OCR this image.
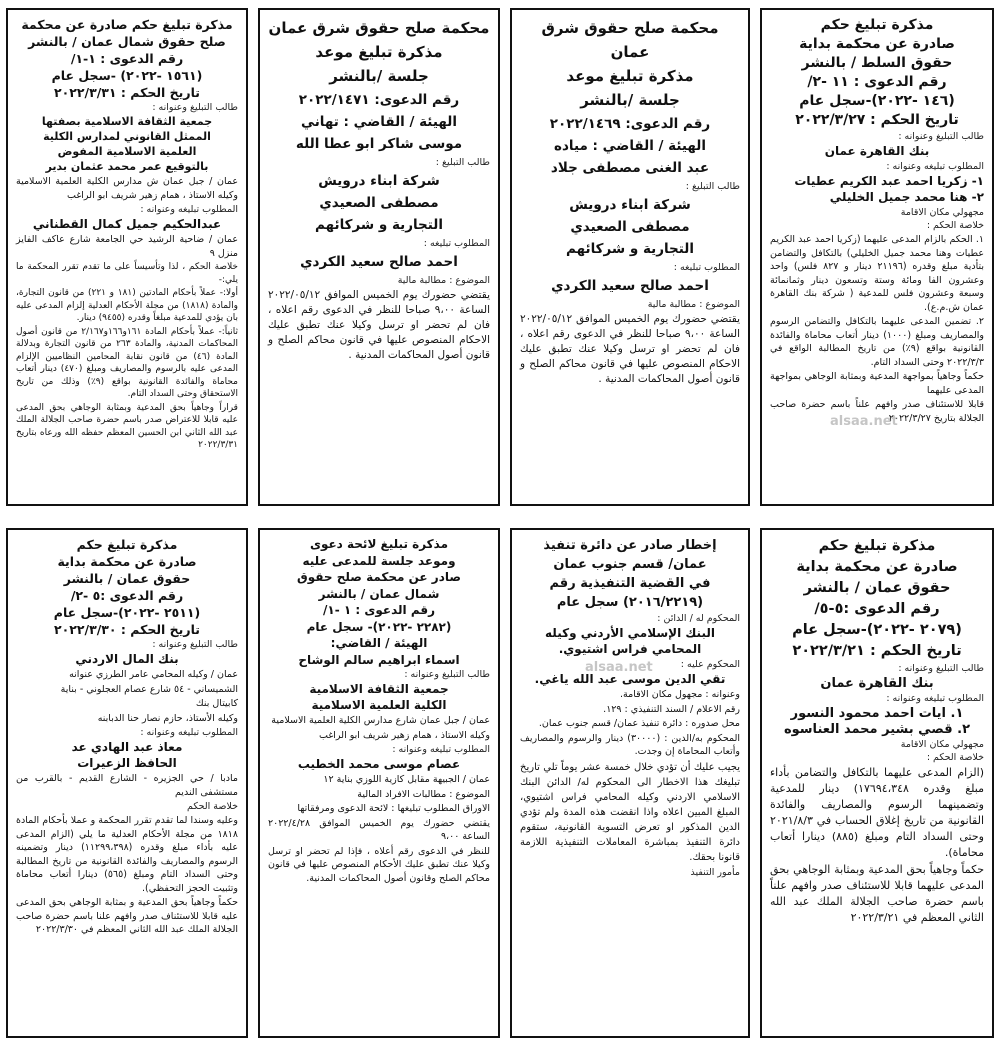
مذكرة تبليغ حكم
صادرة عن محكمة بداية
حقوق السلط / بالنشر
رقم الدعوى : ١١ -٢/
(١٤٦ -٢٠٢٢)-سجل عام
تاريخ الحكم : ٢٠٢٢/٣/٢٧
طالب التبليغ وعنوانه :
بنك القاهرة عمان
المطلوب تبليغه وعنوانه :
١- زكريا احمد عبد الكريم عطيات
٢- هنا محمد جميل الخليلي
مجهولي مكان الاقامة
خلاصة الحكم :
١. الحكم بالزام المدعى عليهما (زكريا احمد عبد الكريم عطيات وهنا محمد جميل الخليلي) بالتكافل والتضامن بتأدية مبلغ وقدره (٢١١٩٦ دينار و ٨٢٧ فلس) واحد وعشرون الفا ومائة وستة وتسعون دينار وثمانمائة وسبعة وعشرون فلس للمدعية ( شركة بنك القاهرة عمان ش.م.ع).
٢. تضمين المدعى عليهما بالتكافل والتضامن الرسوم والمصاريف ومبلغ (١٠٠٠) دينار أتعاب محاماة والفائدة القانونية بواقع (٩٪) من تاريخ المطالبة الواقع في ٢٠٢٢/٣/٣ وحتى السداد التام.
حكماً وجاهياً بمواجهة المدعية وبمثابة الوجاهي بمواجهة المدعى عليهما
قابلا للاستئناف صدر وافهم علناً باسم حضرة صاحب الجلالة بتاريخ ٢٠٢٢/٣/٢٧
محكمة صلح حقوق شرق عمان
مذكرة تبليغ موعد
جلسة /بالنشر
رقم الدعوى: ٢٠٢٢/١٤٦٩
الهيئة / القاضي : مياده
عبد الغنى مصطفى جلاد
طالب التبليغ :
شركة ابناء درويش
مصطفى الصعيدي
التجارية و شركائهم
المطلوب تبليغه :
احمد صالح سعيد الكردي
الموضوع : مطالبة مالية
يقتضي حضورك يوم الخميس الموافق ٢٠٢٢/٠٥/١٢ الساعة ٩،٠٠ صباحا للنظر في الدعوى رقم اعلاه ، فان لم تحضر او ترسل وكيلا عنك تطبق عليك الاحكام المنصوص عليها في قانون محاكم الصلح و قانون أصول المحاكمات المدنية .
محكمة صلح حقوق شرق عمان
مذكرة تبليغ موعد
جلسة /بالنشر
رقم الدعوى: ٢٠٢٢/١٤٧١
الهيئة / القاضي : تهاني
موسى شاكر ابو عطا الله
طالب التبليغ :
شركة ابناء درويش
مصطفى الصعيدي
التجارية و شركائهم
المطلوب تبليغه :
احمد صالح سعيد الكردي
الموضوع : مطالبة مالية
يقتضي حضورك يوم الخميس الموافق ٢٠٢٢/٠٥/١٢ الساعة ٩،٠٠ صباحا للنظر في الدعوى رقم اعلاه ، فان لم تحضر او ترسل وكيلا عنك تطبق عليك الاحكام المنصوص عليها في قانون محاكم الصلح و قانون أصول المحاكمات المدنية .
مذكرة تبليغ حكم صادرة عن محكمة
صلح حقوق شمال عمان / بالنشر
رقم الدعوى : ١-١/
(١٥٦١ -٢٠٢٢) -سجل عام
تاريخ الحكم : ٢٠٢٢/٣/٣١
طالب التبليغ وعنوانه :
جمعية الثقافة الاسلامية بصفتها
الممثل القانوني لمدارس الكلية
العلمية الاسلامية المفوض
بالتوقيع عمر محمد عثمان بدير
عمان / جبل عمان ش مدارس الكلية العلمية الاسلامية وكيله الاستاذ ، همام زهير شريف ابو الراغب
المطلوب تبليغه وعنوانه :
عبدالحكيم جميل كمال القطناني
عمان / ضاحية الرشيد حي الجامعة شارع عاكف الفايز منزل ٩
خلاصة الحكم ، لذا وتأسيساً على ما تقدم تقرر المحكمة ما يلي:-
أولا:- عملاً بأحكام المادتين (١٨١ و ٢٢١) من قانون التجارة، والمادة (١٨١٨) من مجلة الأحكام العدلية إلزام المدعى عليه بان يؤدي للمدعية مبلغاً وقدره (٩٤٥٥) دينار.
ثانياً:- عملاً بأحكام المادة ١٦١و١٦٦و٢/١٦٧ من قانون أصول المحاكمات المدنية، والمادة ٢٦٣ من قانون التجارة وبدلالة المادة (٤٦) من قانون نقابة المحامين النظاميين الإلزام المدعى عليه بالرسوم والمصاريف ومبلغ (٤٧٠) دينار أتعاب محاماة والفائدة القانونية بواقع (٩٪) وذلك من تاريخ الاستحقاق وحتى السداد التام.
قراراً وجاهياً بحق المدعية وبمثابة الوجاهي بحق المدعى عليه قابلا للاعتراض صدر باسم حضرة صاحب الجلالة الملك عبد الله الثاني ابن الحسين المعظم حفظه الله ورعاه بتاريخ ٢٠٢٢/٣/٣١
مذكرة تبليغ حكم
صادرة عن محكمة بداية
حقوق عمان / بالنشر
رقم الدعوى :٥-٥/
(٢٠٧٩ -٢٠٢٢)-سجل عام
تاريخ الحكم : ٢٠٢٢/٣/٢١
طالب التبليغ وعنوانه :
بنك القاهرة عمان
المطلوب تبليغه وعنوانه :
١. ايات احمد محمود النسور
٢. قصي بشير محمد العناسوه
مجهولي مكان الاقامة
خلاصة الحكم :
(الزام المدعى عليهما بالتكافل والتضامن بأداء مبلغ وقدره ١٧٦٩٤،٣٤٨) دينار للمدعية وتضمينهما الرسوم والمصاريف والفائدة القانونية من تاريخ إغلاق الحساب في ٢٠٢١/٨/٣ وحتى السداد التام ومبلغ (٨٨٥) دينارا أتعاب محاماة).
حكماً وجاهياً بحق المدعية وبمثابة الوجاهي بحق المدعى عليهما قابلا للاستئناف صدر وافهم علناً باسم حضرة صاحب الجلالة الملك عبد الله الثاني المعظم في ٢٠٢٢/٣/٢١
إخطار صادر عن دائرة تنفيذ
عمان/ قسم جنوب عمان
في القضية التنفيذية رقم
(٢٠١٦/٢٢١٩) سجل عام
المحكوم له / الدائن :
البنك الإسلامي الأردني وكيله
المحامي فراس اشتيوي.
المحكوم عليه :
تقي الدين موسى عبد الله ياغي.
وعنوانه : مجهول مكان الاقامة.
رقم الاعلام / السند التنفيذي : ١٢٩.
محل صدوره : دائرة تنفيذ عمان/ قسم جنوب عمان.
المحكوم به/الدين : (٣٠٠٠٠) دينار والرسوم والمصاريف وأتعاب المحاماة إن وجدت.
يجيب عليك أن تؤدي خلال خمسة عشر يوماً تلي تاريخ تبليغك هذا الاخطار الى المحكوم له/ الدائن البنك الاسلامي الاردني وكيله المحامي فراس اشتيوي، المبلغ المبين اعلاه واذا انقضت هذه المدة ولم تؤدي الدين المذكور او تعرض التسوية القانونية، ستقوم دائرة التنفيذ بمباشرة المعاملات التنفيذية اللازمة قانونا بحقك.
مأمور التنفيذ
مذكرة تبليغ لائحة دعوى
وموعد جلسة للمدعى عليه
صادر عن محكمة صلح حقوق
شمال عمان / بالنشر
رقم الدعوى : ١ -١/
(٢٢٨٢ -٢٠٢٢)- سجل عام
الهيئة / القاضي:
اسماء ابراهيم سالم الوشاح
طالب التبليغ وعنوانه :
جمعية الثقافة الاسلامية
الكلية العلمية الاسلامية
عمان / جبل عمان شارع مدارس الكلية العلمية الاسلامية
وكيله الاستاذ ، همام زهير شريف ابو الراغب
المطلوب تبليغه وعنوانه :
عصام موسى محمد الخطيب
عمان / الجبيهة مقابل كازية اللوزي بناية ١٢
الموضوع : مطالبات الافراد المالية
الاوراق المطلوب تبليغها : لائحة الدعوى ومرفقاتها
يقتضي حضورك يوم الخميس الموافق ٢٠٢٢/٤/٢٨ الساعة ٩،٠٠
للنظر في الدعوى رقم أعلاه ، فإذا لم تحضر او ترسل وكيلا عنك تطبق عليك الأحكام المنصوص عليها في قانون محاكم الصلح وقانون أصول المحاكمات المدنية.
مذكرة تبليغ حكم
صادرة عن محكمة بداية
حقوق عمان / بالنشر
رقم الدعوى :٥ -٢/
(٢٥١١ -٢٠٢٢)-سجل عام
تاريخ الحكم : ٢٠٢٢/٣/٣٠
طالب التبليغ وعنوانه :
بنك المال الاردني
عمان / وكيله المحامي عامر الطرزي عنوانه
الشميساني - ٥٤ شارع عصام العجلوني - بناية
كابيتال بنك
وكيله الأستاذ، حازم نصار حنا الدبابنه
المطلوب تبليغه وعنوانه :
معاذ عبد الهادي عد
الحافظ الزعيرات
مادبا / حي الجزيره - الشارع القديم - بالقرب من مستشفى النديم
خلاصة الحكم
وعليه وسندا لما تقدم تقرر المحكمة و عملا بأحكام المادة ١٨١٨ من مجلة الأحكام العدلية ما يلي (الزام المدعى عليه بأداء مبلغ وقدره (١١٢٩٩،٣٩٨) دينار وتضمينه الرسوم والمصاريف والفائدة القانونية من تاريخ المطالبة وحتى السداد التام ومبلغ (٥٦٥) دينارا أتعاب محاماة وتثبيت الحجز التحفظي).
حكماً وجاهياً بحق المدعية و بمثابة الوجاهي بحق المدعى عليه قابلا للاستئناف صدر وافهم علنا باسم حضرة صاحب الجلالة الملك عبد الله الثاني المعظم في ٢٠٢٢/٣/٣٠
alsaa.net
alsaa.net
